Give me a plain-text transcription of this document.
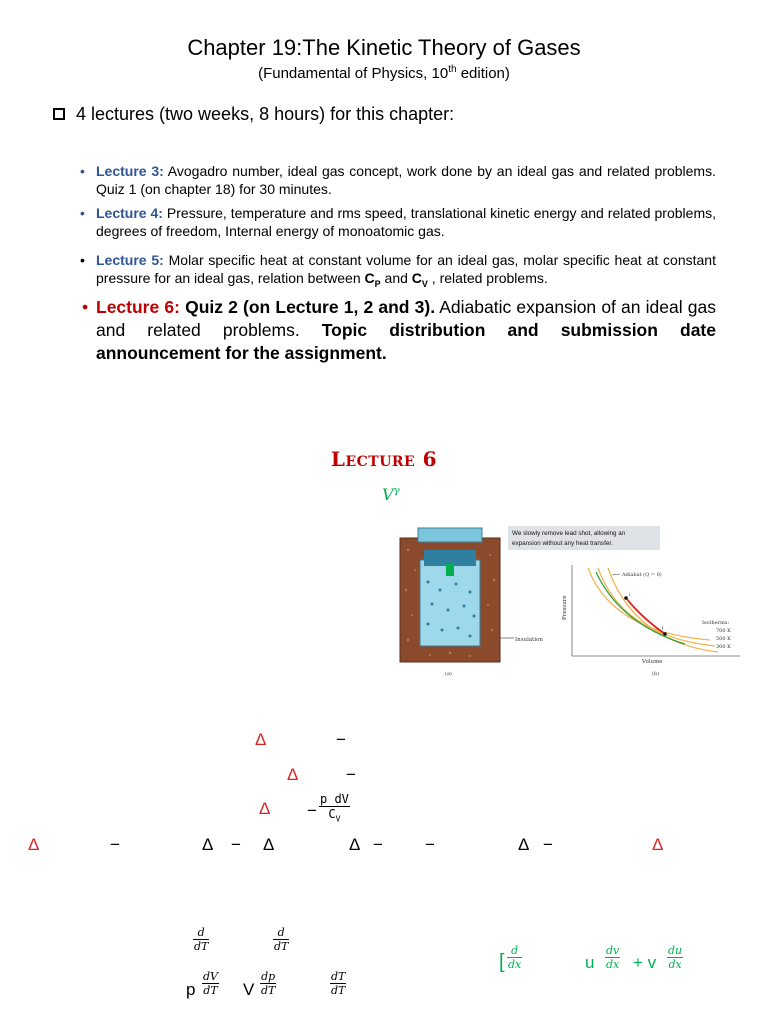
Chapter 19:The Kinetic Theory of Gases
(Fundamental of Physics, 10th edition)
4 lectures (two weeks, 8 hours) for this chapter:
• Lecture 3: Avogadro number, ideal gas concept, work done by an ideal gas and related problems. Quiz 1 (on chapter 18) for 30 minutes.
• Lecture 4: Pressure, temperature and rms speed, translational kinetic energy and related problems, degrees of freedom, Internal energy of monoatomic gas.
• Lecture 5: Molar specific heat at constant volume for an ideal gas, molar specific heat at constant pressure for an ideal gas, relation between $C_P$ and $C_V$ , related problems.
• Lecture 6: Quiz 2 (on Lecture 1, 2 and 3). Adiabatic expansion of an ideal gas and related problems. Topic distribution and submission date announcement for the assignment.
Lecture 6
$V^\gamma$
Insulation
(a)
We slowly remove lead shot, allowing an
expansion without any heat transfer.
Pressure
Volume
(b)
i
f
Adiabat (Q = 0)
Isotherms:
700 K
500 K
300 K
Δ	−
Δ	−
$\Delta - \frac{\text{p dV}}{C_V}$
Δ	−	Δ − Δ	Δ − −	Δ −	Δ
$\frac{d}{dT}$	$\frac{d}{dT}$
p $\frac{dV}{dT}$ V $\frac{dp}{dT}$	$\frac{dT}{dT}$
[ $\frac{d}{dx}$	u $\frac{dv}{dx} + v \frac{du}{dx}$
